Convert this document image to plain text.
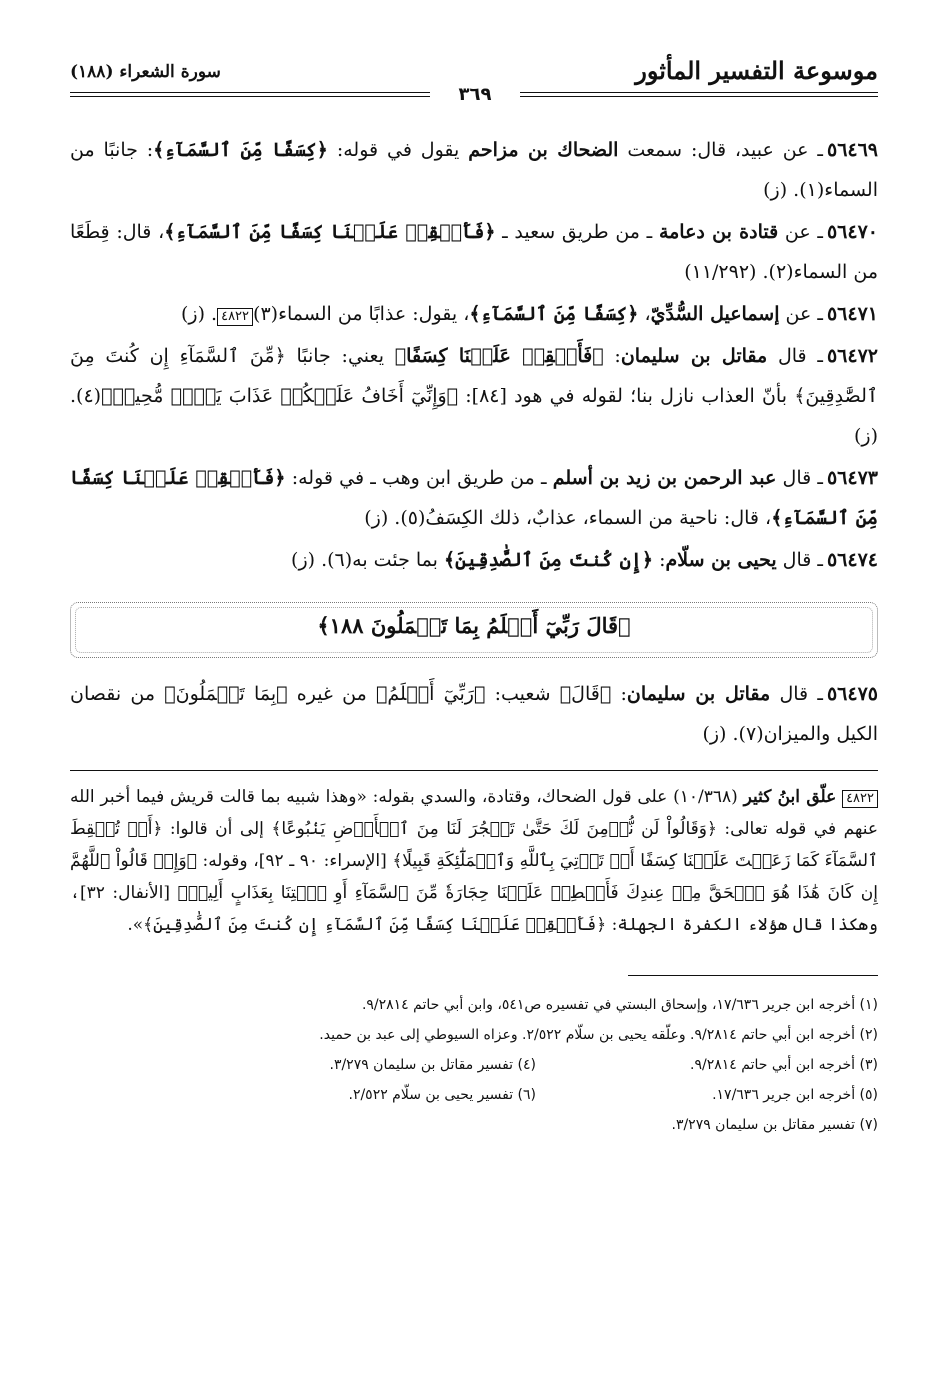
موسوعة التفسير المأثور
سورة الشعراء (١٨٨)
٣٦٩

٥٦٤٦٩ـ عن عبيد، قال: سمعت الضحاك بن مزاحم يقول في قوله: ﴿كِسَفًا مِّنَ ٱلسَّمَآءِ﴾: جانبًا من السماء(١). (ز)

٥٦٤٧٠ـ عن قتادة بن دعامة ـ من طريق سعيد ـ ﴿فَأَسۡقِطۡ عَلَيۡنَا كِسَفًا مِّنَ ٱلسَّمَآءِ﴾، قال: قِطَعًا من السماء(٢). (١١/٢٩٢)

٥٦٤٧١ـ عن إسماعيل السُّدِّيّ، ﴿كِسَفًا مِّنَ ٱلسَّمَآءِ﴾، يقول: عذابًا من السماء(٣)٤٨٢٢. (ز)

٥٦٤٧٢ـ قال مقاتل بن سليمان: ﴿فَأَسۡقِطۡ عَلَيۡنَا كِسَفًا﴾ يعني: جانبًا ﴿مِّنَ ٱلسَّمَآءِ إِن كُنتَ مِنَ ٱلصَّٰدِقِينَ﴾ بأنّ العذاب نازل بنا؛ لقوله في هود [٨٤]: ﴿وَإِنِّيٓ أَخَافُ عَلَيۡكُمۡ عَذَابَ يَوۡمٖ مُّحِيطٖ﴾(٤). (ز)

٥٦٤٧٣ـ قال عبد الرحمن بن زيد بن أسلم ـ من طريق ابن وهب ـ في قوله: ﴿فَأَسۡقِطۡ عَلَيۡنَا كِسَفًا مِّنَ ٱلسَّمَآءِ﴾، قال: ناحية من السماء، عذابٌ، ذلك الكِسَفُ(٥). (ز)

٥٦٤٧٤ـ قال يحيى بن سلّام: ﴿إِن كُنتَ مِنَ ٱلصَّٰدِقِينَ﴾ بما جئت به(٦). (ز)

﴿قَالَ رَبِّيٓ أَعۡلَمُ بِمَا تَعۡمَلُونَ ١٨٨﴾

٥٦٤٧٥ـ قال مقاتل بن سليمان: ﴿قَالَ﴾ شعيب: ﴿رَبِّيٓ أَعۡلَمُ﴾ من غيره ﴿بِمَا تَعۡمَلُونَ﴾ من نقصان الكيل والميزان(٧). (ز)

٤٨٢٢ علّق ابنُ كثير (١٠/٣٦٨) على قول الضحاك، وقتادة، والسدي بقوله: «وهذا شبيه بما قالت قريش فيما أخبر الله عنهم في قوله تعالى: ﴿وَقَالُواْ لَن نُّؤۡمِنَ لَكَ حَتَّىٰ تَفۡجُرَ لَنَا مِنَ ٱلۡأَرۡضِ يَنۢبُوعًا﴾ إلى أن قالوا: ﴿أَوۡ تُسۡقِطَ ٱلسَّمَآءَ كَمَا زَعَمۡتَ عَلَيۡنَا كِسَفًا أَوۡ تَأۡتِيَ بِٱللَّهِ وَٱلۡمَلَٰٓئِكَةِ قَبِيلًا﴾ [الإسراء: ٩٠ ـ ٩٢]، وقوله: ﴿وَإِذۡ قَالُواْ ٱللَّهُمَّ إِن كَانَ هَٰذَا هُوَ ٱلۡحَقَّ مِنۡ عِندِكَ فَأَمۡطِرۡ عَلَيۡنَا حِجَارَةٗ مِّنَ ٱلسَّمَآءِ أَوِ ٱئۡتِنَا بِعَذَابٍ أَلِيمٖ﴾ [الأنفال: ٣٢]، وهكذا قال هؤلاء الكفرة الجهلة: ﴿فَأَسۡقِطۡ عَلَيۡنَا كِسَفًا مِّنَ ٱلسَّمَآءِ إِن كُنتَ مِنَ ٱلصَّٰدِقِينَ﴾».
(١) أخرجه ابن جرير ١٧/٦٣٦، وإسحاق البستي في تفسيره ص٥٤١، وابن أبي حاتم ٩/٢٨١٤.
(٢) أخرجه ابن أبي حاتم ٩/٢٨١٤. وعلّقه يحيى بن سلّام ٢/٥٢٢. وعزاه السيوطي إلى عبد بن حميد.
(٣) أخرجه ابن أبي حاتم ٩/٢٨١٤.
(٤) تفسير مقاتل بن سليمان ٣/٢٧٩.
(٥) أخرجه ابن جرير ١٧/٦٣٦.
(٦) تفسير يحيى بن سلّام ٢/٥٢٢.
(٧) تفسير مقاتل بن سليمان ٣/٢٧٩.
